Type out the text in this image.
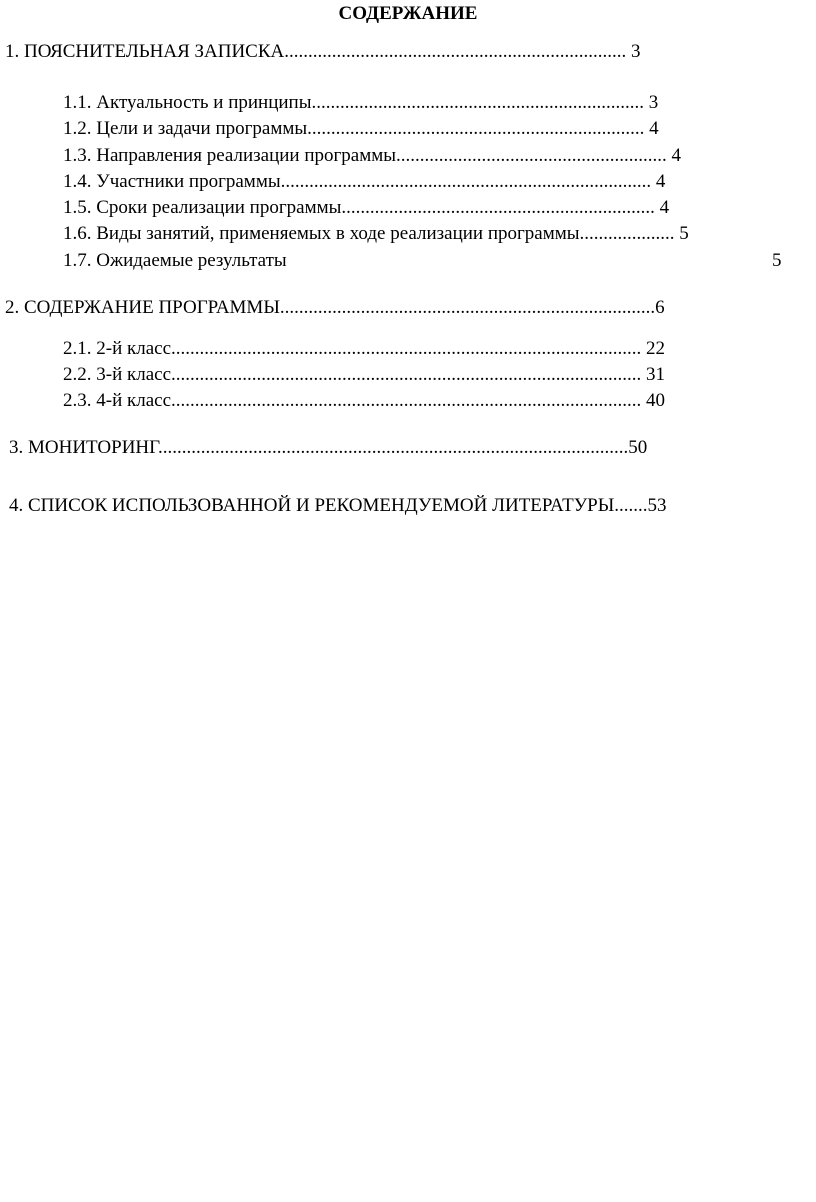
СОДЕРЖАНИЕ
1. ПОЯСНИТЕЛЬНАЯ ЗАПИСКА........................................................................ 3
1.1. Актуальность и принципы...................................................................... 3
1.2. Цели и задачи программы....................................................................... 4
1.3. Направления реализации программы......................................................... 4
1.4. Участники программы.............................................................................. 4
1.5. Сроки реализации программы.................................................................. 4
1.6. Виды занятий, применяемых в ходе реализации программы.................... 5
1.7. Ожидаемые результаты	5
2. СОДЕРЖАНИЕ ПРОГРАММЫ...............................................................................6
2.1. 2-й класс................................................................................................... 22
2.2. 3-й класс................................................................................................... 31
2.3. 4-й класс................................................................................................... 40
3. МОНИТОРИНГ...................................................................................................50
4. СПИСОК ИСПОЛЬЗОВАННОЙ И РЕКОМЕНДУЕМОЙ ЛИТЕРАТУРЫ.......53
